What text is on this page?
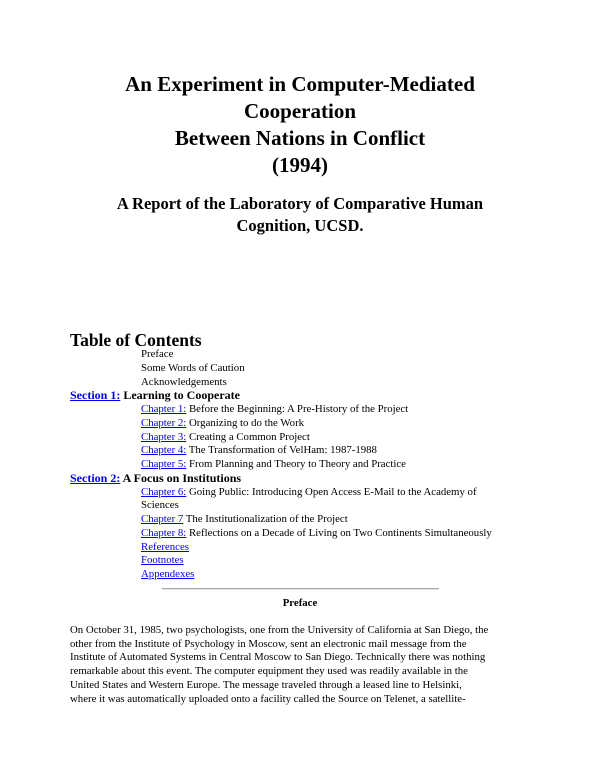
An Experiment in Computer-Mediated
Cooperation
Between Nations in Conflict
(1994)
A Report of the Laboratory of Comparative Human
Cognition, UCSD.
Table of Contents
Preface
Some Words of Caution
Acknowledgements
Section 1: Learning to Cooperate
Chapter 1: Before the Beginning: A Pre-History of the Project
Chapter 2: Organizing to do the Work
Chapter 3: Creating a Common Project
Chapter 4: The Transformation of VelHam: 1987-1988
Chapter 5: From Planning and Theory to Theory and Practice
Section 2: A Focus on Institutions
Chapter 6: Going Public: Introducing Open Access E-Mail to the Academy of
Sciences
Chapter 7 The Institutionalization of the Project
Chapter 8: Reflections on a Decade of Living on Two Continents Simultaneously
References
Footnotes
Appendexes
Preface
On October 31, 1985, two psychologists, one from the University of California at San Diego, the
other from the Institute of Psychology in Moscow, sent an electronic mail message from the
Institute of Automated Systems in Central Moscow to San Diego. Technically there was nothing
remarkable about this event. The computer equipment they used was readily available in the
United States and Western Europe. The message traveled through a leased line to Helsinki,
where it was automatically uploaded onto a facility called the Source on Telenet, a satellite-
